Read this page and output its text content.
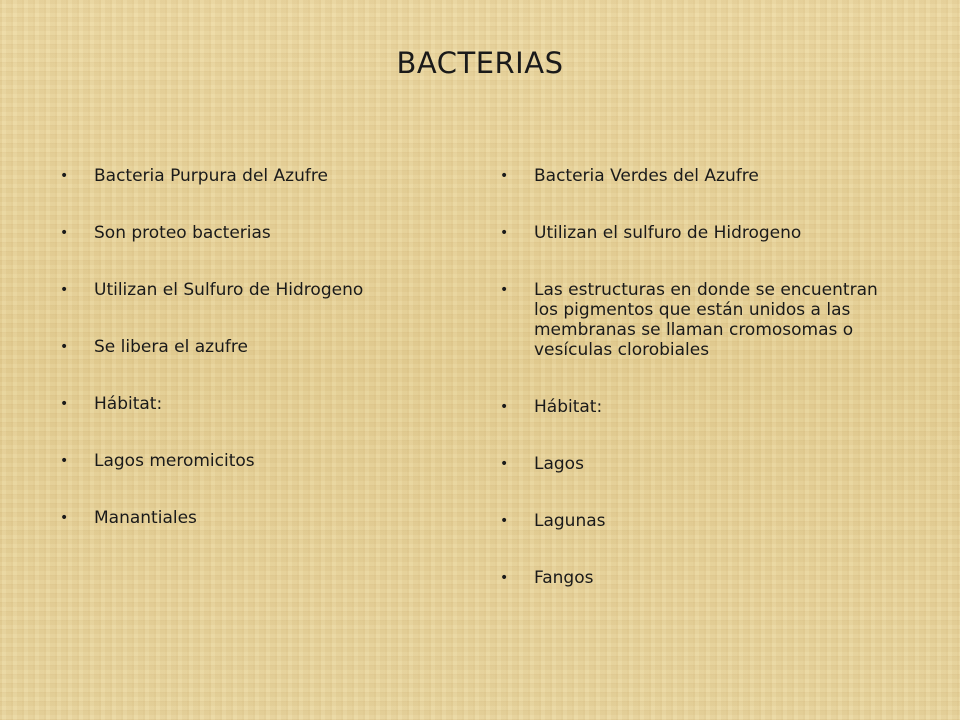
BACTERIAS
• Bacteria Purpura del Azufre
• Son proteo bacterias
• Utilizan el Sulfuro de Hidrogeno
• Se libera el azufre
• Hábitat:
• Lagos meromicitos
• Manantiales
• Bacteria Verdes del Azufre
• Utilizan el sulfuro de Hidrogeno
• Las estructuras en donde se encuentran los pigmentos que están unidos a las membranas se llaman cromosomas o vesículas clorobiales
• Hábitat:
• Lagos
• Lagunas
• Fangos
